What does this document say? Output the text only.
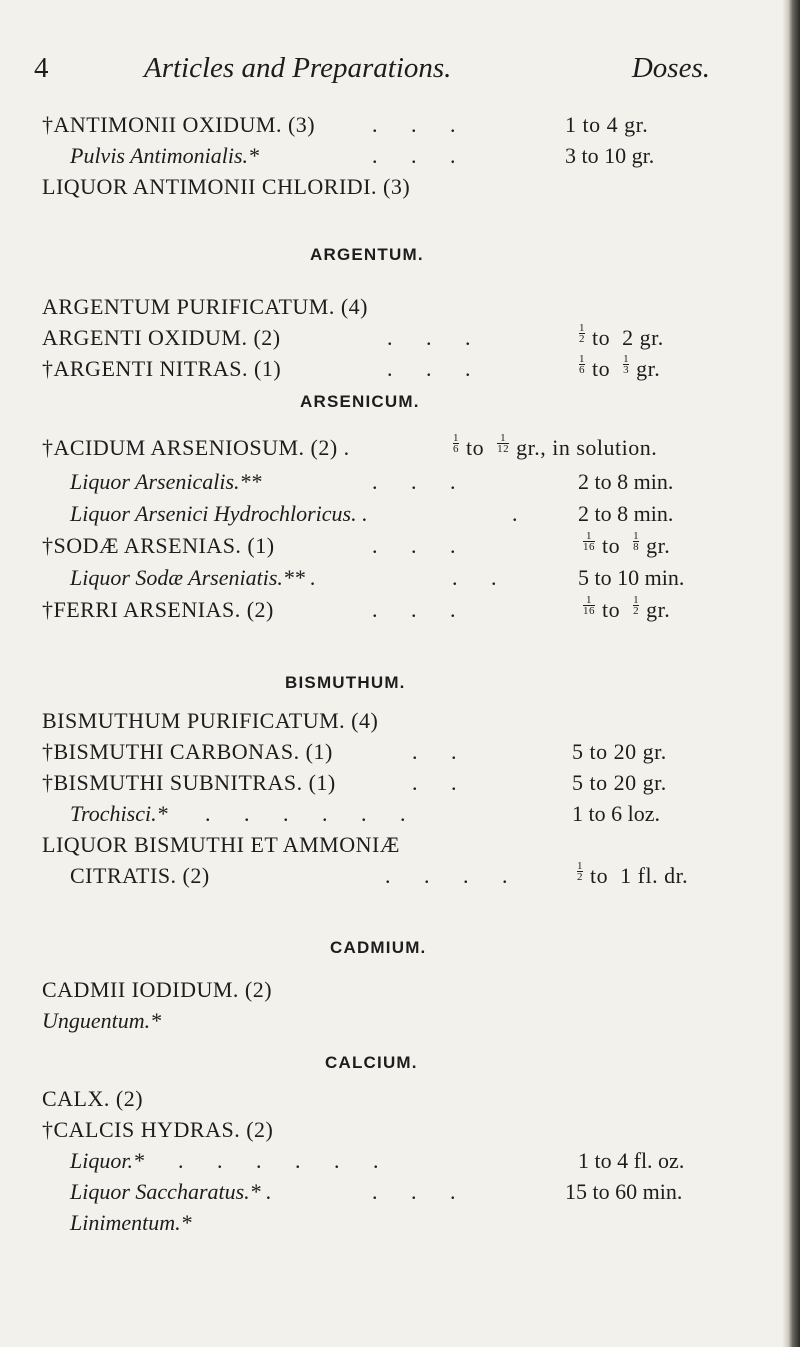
4	Articles and Preparations.	Doses.
†ANTIMONII OXIDUM. (3)	. . .	1 to 4 gr.
Pulvis Antimonialis.*	. . .	3 to 10 gr.
LIQUOR ANTIMONII CHLORIDI. (3)
ARGENTUM.
ARGENTUM PURIFICATUM. (4)
ARGENTI OXIDUM. (2)	. . .	$\frac{1}{2}$ to 2 gr.
†ARGENTI NITRAS. (1)	. . .	$\frac{1}{6}$ to $\frac{1}{3}$ gr.
ARSENICUM.
†ACIDUM ARSENIOSUM. (2) .	$\frac{1}{6}$ to $\frac{1}{12}$ gr., in solution.
Liquor Arsenicalis.**	. . .	2 to 8 min.
Liquor Arsenici Hydrochloricus. .	. 2 to 8 min.
†SODÆ ARSENIAS. (1)	. . .	$\frac{1}{16}$ to $\frac{1}{8}$ gr.
Liquor Sodæ Arseniatis.** .	. .	5 to 10 min.
†FERRI ARSENIAS. (2)	. . .	$\frac{1}{16}$ to $\frac{1}{2}$ gr.
BISMUTHUM.
BISMUTHUM PURIFICATUM. (4)
†BISMUTHI CARBONAS. (1)	. .	5 to 20 gr.
†BISMUTHI SUBNITRAS. (1)	. .	5 to 20 gr.
Trochisci.* . . . . . .	1 to 6 loz.
LIQUOR BISMUTHI ET AMMONIÆ
CITRATIS. (2)	. . . .	$\frac{1}{2}$ to 1 fl. dr.
CADMIUM.
CADMII IODIDUM. (2)
Unguentum.*
CALCIUM.
CALX. (2)
†CALCIS HYDRAS. (2)
Liquor.* . . . . . .	1 to 4 fl. oz.
Liquor Saccharatus.* .	. . .	15 to 60 min.
Linimentum.*
